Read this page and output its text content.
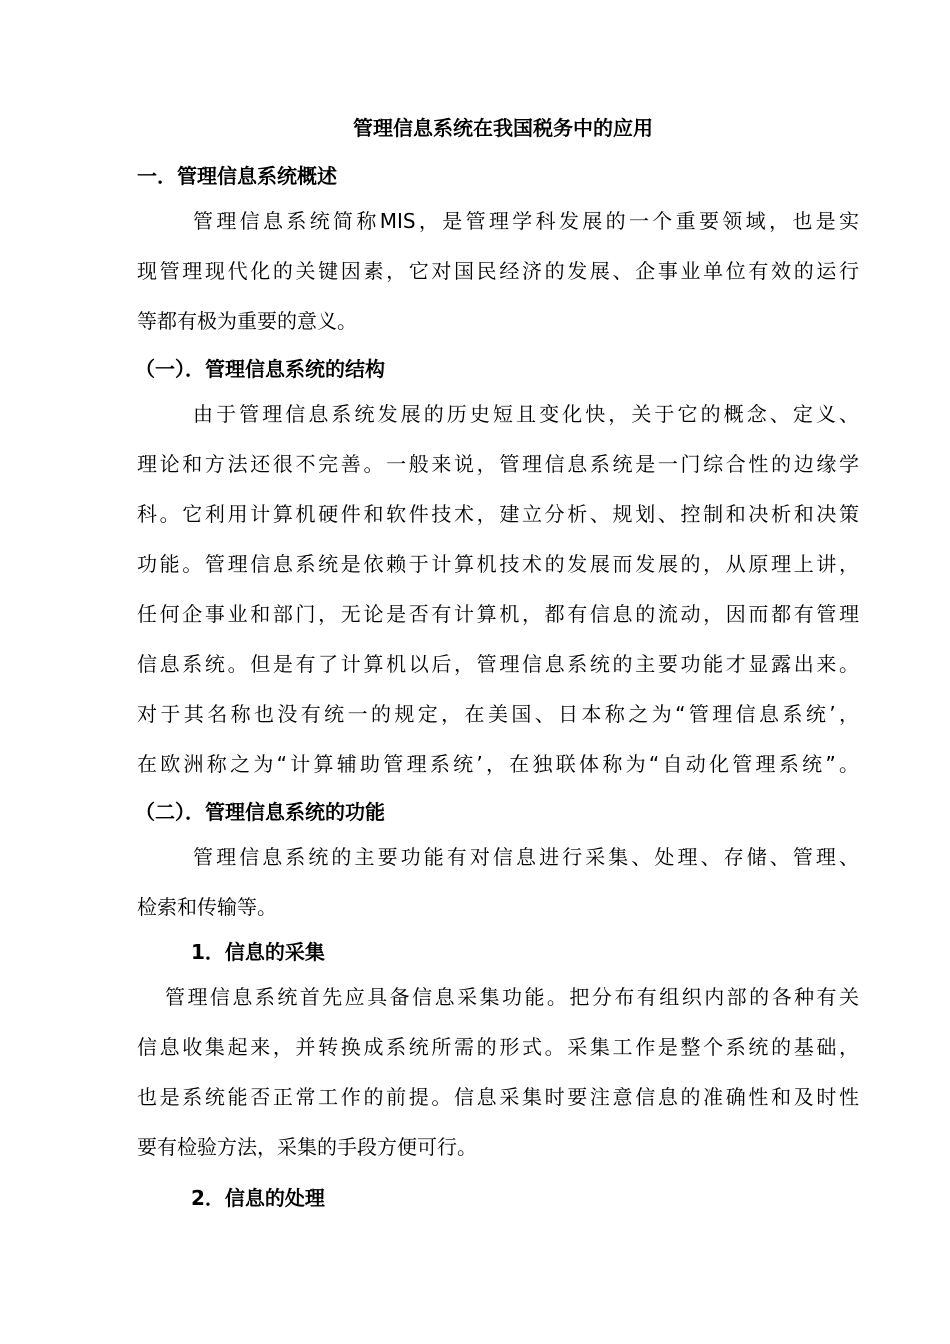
管理信息系统在我国税务中的应用
一．管理信息系统概述
管理信息系统简称MIS，是管理学科发展的一个重要领域，也是实
现管理现代化的关键因素，它对国民经济的发展、企事业单位有效的运行
等都有极为重要的意义。
（一）．管理信息系统的结构
由于管理信息系统发展的历史短且变化快，关于它的概念、定义、
理论和方法还很不完善。一般来说，管理信息系统是一门综合性的边缘学
科。它利用计算机硬件和软件技术，建立分析、规划、控制和决析和决策
功能。管理信息系统是依赖于计算机技术的发展而发展的，从原理上讲，
任何企事业和部门，无论是否有计算机，都有信息的流动，因而都有管理
信息系统。但是有了计算机以后，管理信息系统的主要功能才显露出来。
对于其名称也没有统一的规定，在美国、日本称之为“管理信息系统’，
在欧洲称之为“计算辅助管理系统’，在独联体称为“自动化管理系统”。
（二）．管理信息系统的功能
管理信息系统的主要功能有对信息进行采集、处理、存储、管理、
检索和传输等。
1．信息的采集
管理信息系统首先应具备信息采集功能。把分布有组织内部的各种有关
信息收集起来，并转换成系统所需的形式。采集工作是整个系统的基础，
也是系统能否正常工作的前提。信息采集时要注意信息的准确性和及时性
要有检验方法，采集的手段方便可行。
2．信息的处理
